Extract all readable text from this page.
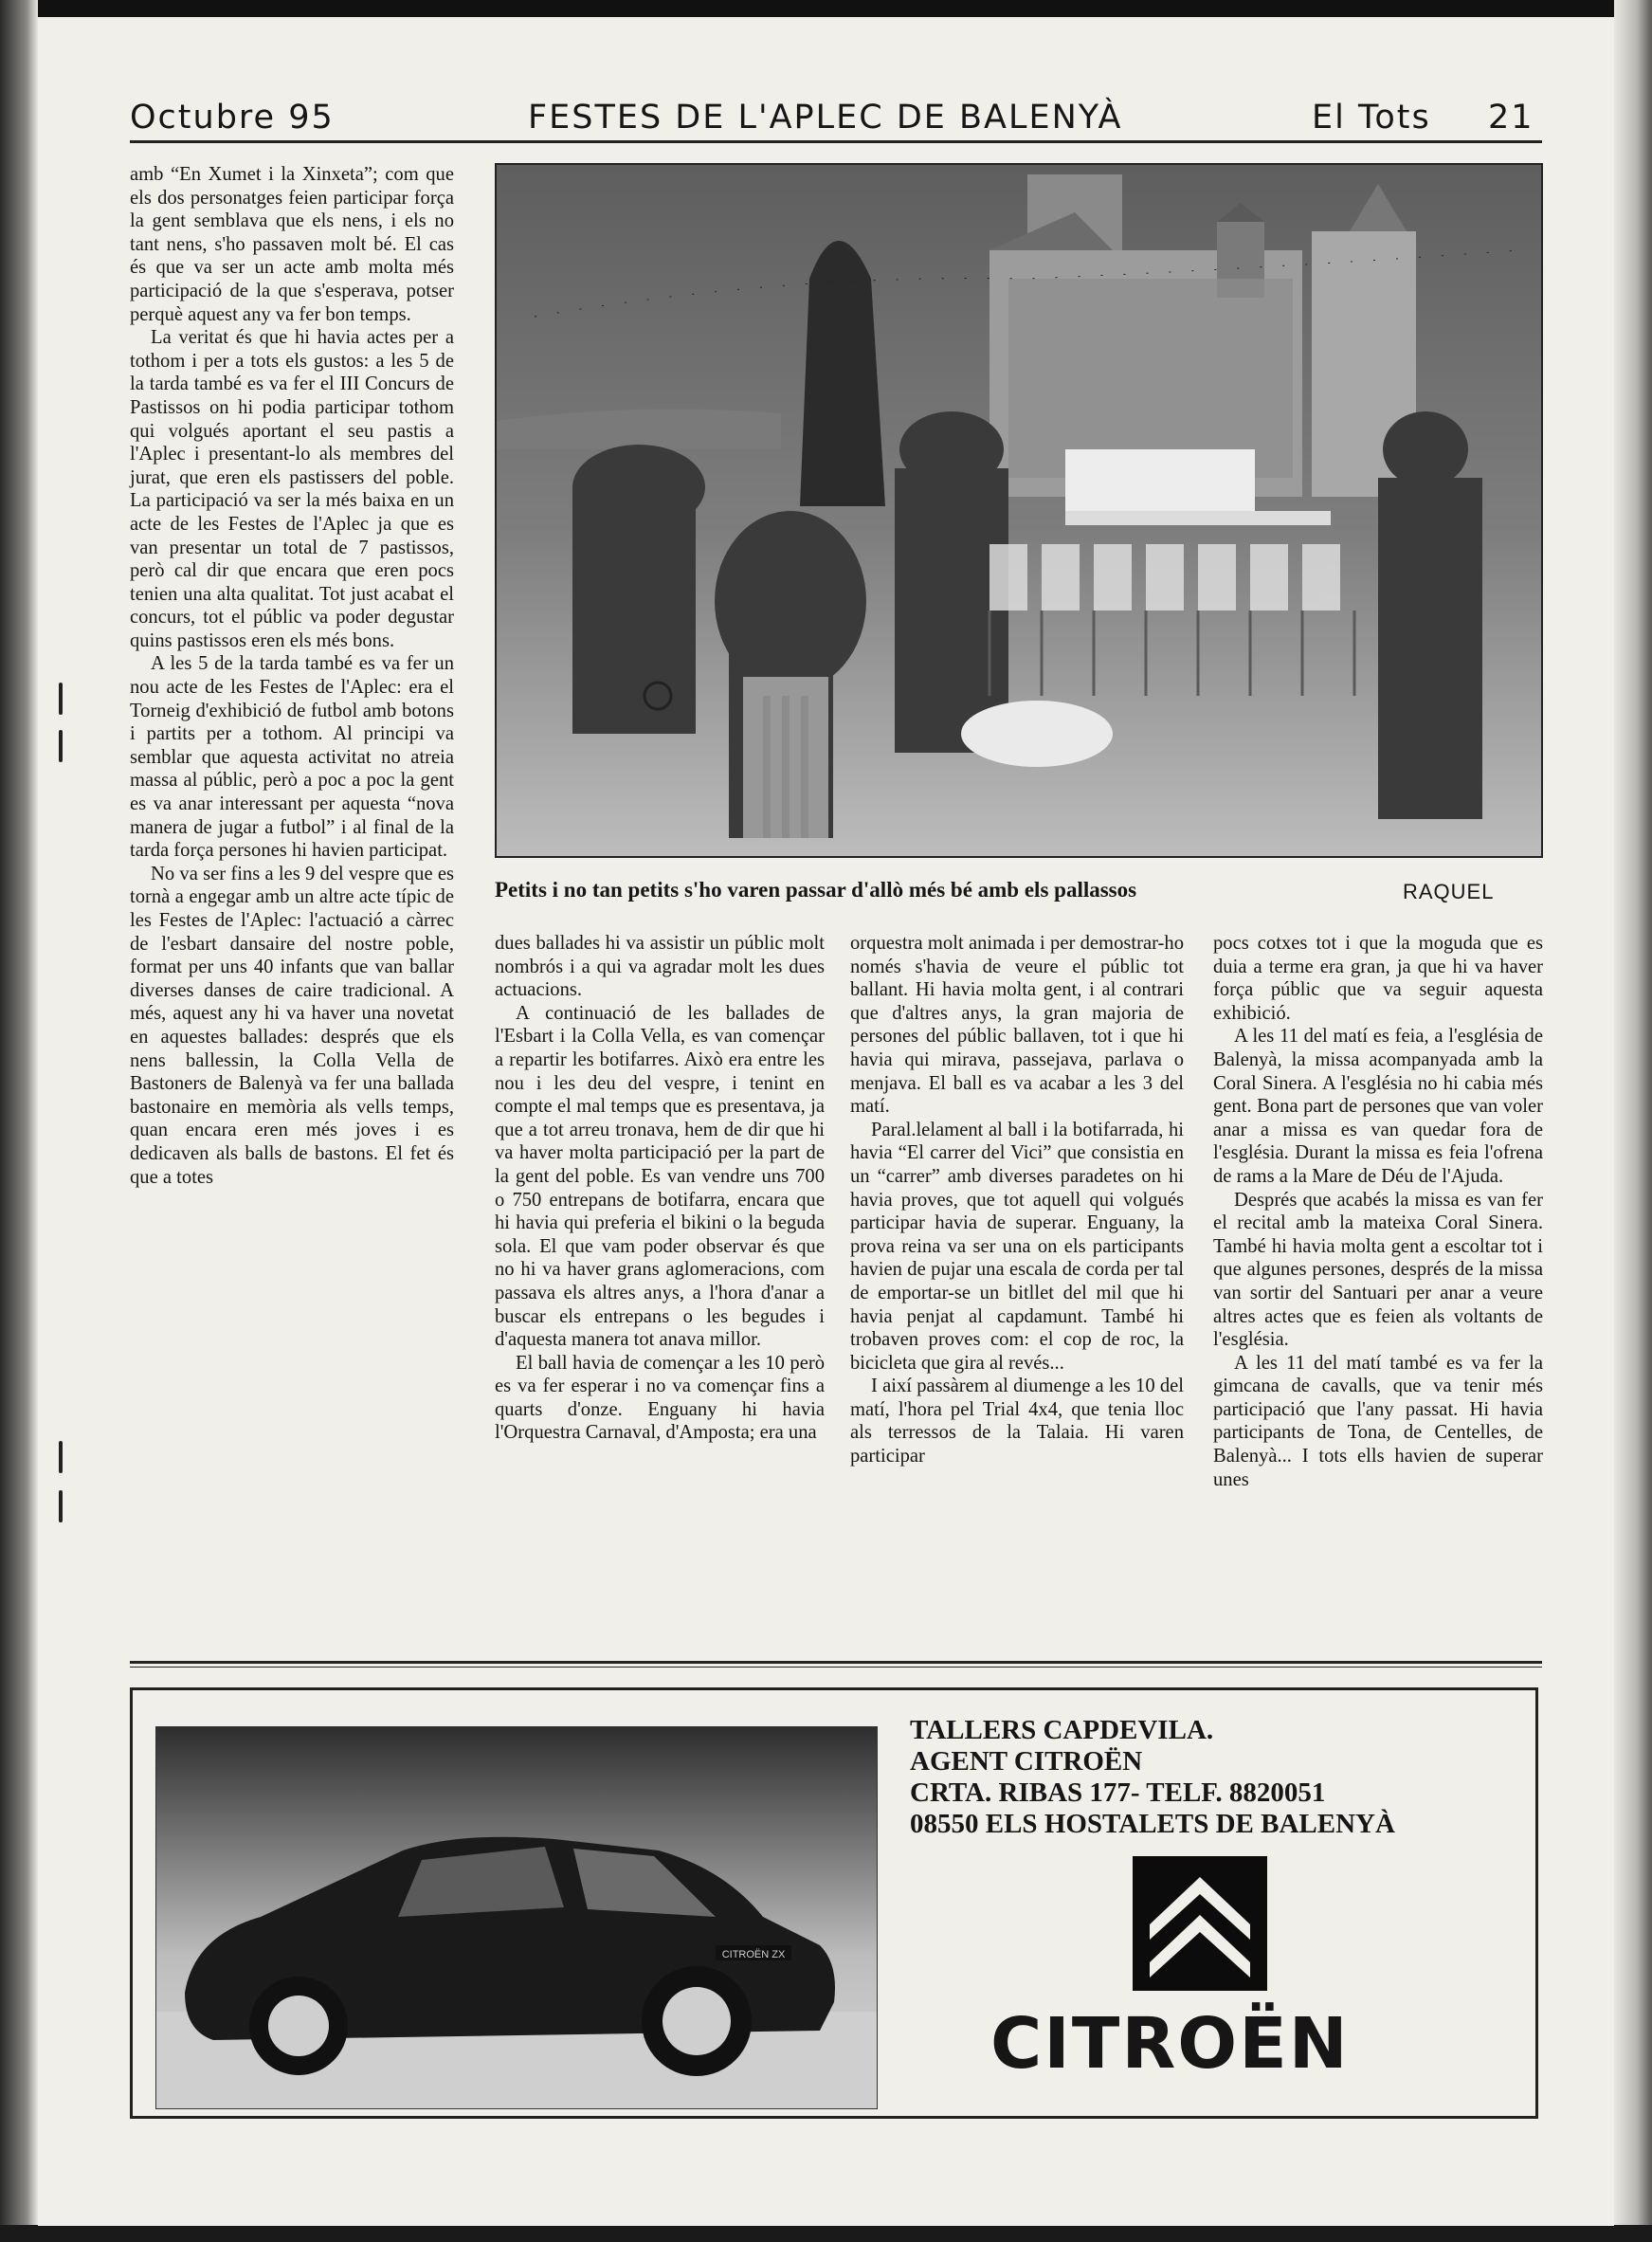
Octubre 95	FESTES DE L'APLEC DE BALENYÀ	El Tots 21

amb “En Xumet i la Xinxeta”; com que els dos personatges feien participar força la gent semblava que els nens, i els no tant nens, s'ho passaven molt bé. El cas és que va ser un acte amb molta més participació de la que s'esperava, potser perquè aquest any va fer bon temps.

La veritat és que hi havia actes per a tothom i per a tots els gustos: a les 5 de la tarda també es va fer el III Concurs de Pastissos on hi podia participar tothom qui volgués aportant el seu pastis a l'Aplec i presentant-lo als membres del jurat, que eren els pastissers del poble. La participació va ser la més baixa en un acte de les Festes de l'Aplec ja que es van presentar un total de 7 pastissos, però cal dir que encara que eren pocs tenien una alta qualitat. Tot just acabat el concurs, tot el públic va poder degustar quins pastissos eren els més bons.

A les 5 de la tarda també es va fer un nou acte de les Festes de l'Aplec: era el Torneig d'exhibició de futbol amb botons i partits per a tothom. Al principi va semblar que aquesta activitat no atreia massa al públic, però a poc a poc la gent es va anar interessant per aquesta “nova manera de jugar a futbol” i al final de la tarda força persones hi havien participat.

No va ser fins a les 9 del vespre que es tornà a engegar amb un altre acte típic de les Festes de l'Aplec: l'actuació a càrrec de l'esbart dansaire del nostre poble, format per uns 40 infants que van ballar diverses danses de caire tradicional. A més, aquest any hi va haver una novetat en aquestes ballades: després que els nens ballessin, la Colla Vella de Bastoners de Balenyà va fer una ballada bastonaire en memòria als vells temps, quan encara eren més joves i es dedicaven als balls de bastons. El fet és que a totes

Petits i no tan petits s'ho varen passar d'allò més bé amb els pallassos	RAQUEL

dues ballades hi va assistir un públic molt nombrós i a qui va agradar molt les dues actuacions.

A continuació de les ballades de l'Esbart i la Colla Vella, es van començar a repartir les botifarres. Això era entre les nou i les deu del vespre, i tenint en compte el mal temps que es presentava, ja que a tot arreu tronava, hem de dir que hi va haver molta participació per la part de la gent del poble. Es van vendre uns 700 o 750 entrepans de botifarra, encara que hi havia qui preferia el bikini o la beguda sola. El que vam poder observar és que no hi va haver grans aglomeracions, com passava els altres anys, a l'hora d'anar a buscar els entrepans o les begudes i d'aquesta manera tot anava millor.

El ball havia de començar a les 10 però es va fer esperar i no va començar fins a quarts d'onze. Enguany hi havia l'Orquestra Carnaval, d'Amposta; era una

orquestra molt animada i per demostrar-ho només s'havia de veure el públic tot ballant. Hi havia molta gent, i al contrari que d'altres anys, la gran majoria de persones del públic ballaven, tot i que hi havia qui mirava, passejava, parlava o menjava. El ball es va acabar a les 3 del matí.

Paral.lelament al ball i la botifarrada, hi havia “El carrer del Vici” que consistia en un “carrer” amb diverses paradetes on hi havia proves, que tot aquell qui volgués participar havia de superar. Enguany, la prova reina va ser una on els participants havien de pujar una escala de corda per tal de emportar-se un bitllet del mil que hi havia penjat al capdamunt. També hi trobaven proves com: el cop de roc, la bicicleta que gira al revés...

I així passàrem al diumenge a les 10 del matí, l'hora pel Trial 4x4, que tenia lloc als terressos de la Talaia. Hi varen participar

pocs cotxes tot i que la moguda que es duia a terme era gran, ja que hi va haver força públic que va seguir aquesta exhibició.

A les 11 del matí es feia, a l'església de Balenyà, la missa acompanyada amb la Coral Sinera. A l'església no hi cabia més gent. Bona part de persones que van voler anar a missa es van quedar fora de l'església. Durant la missa es feia l'ofrena de rams a la Mare de Déu de l'Ajuda.

Després que acabés la missa es van fer el recital amb la mateixa Coral Sinera. També hi havia molta gent a escoltar tot i que algunes persones, després de la missa van sortir del Santuari per anar a veure altres actes que es feien als voltants de l'església.

A les 11 del matí també es va fer la gimcana de cavalls, que va tenir més participació que l'any passat. Hi havia participants de Tona, de Centelles, de Balenyà... I tots ells havien de superar unes

CITROËN ZX
TALLERS CAPDEVILA.
AGENT CITROËN
CRTA. RIBAS 177- TELF. 8820051
08550 ELS HOSTALETS DE BALENYÀ
CITROËN
